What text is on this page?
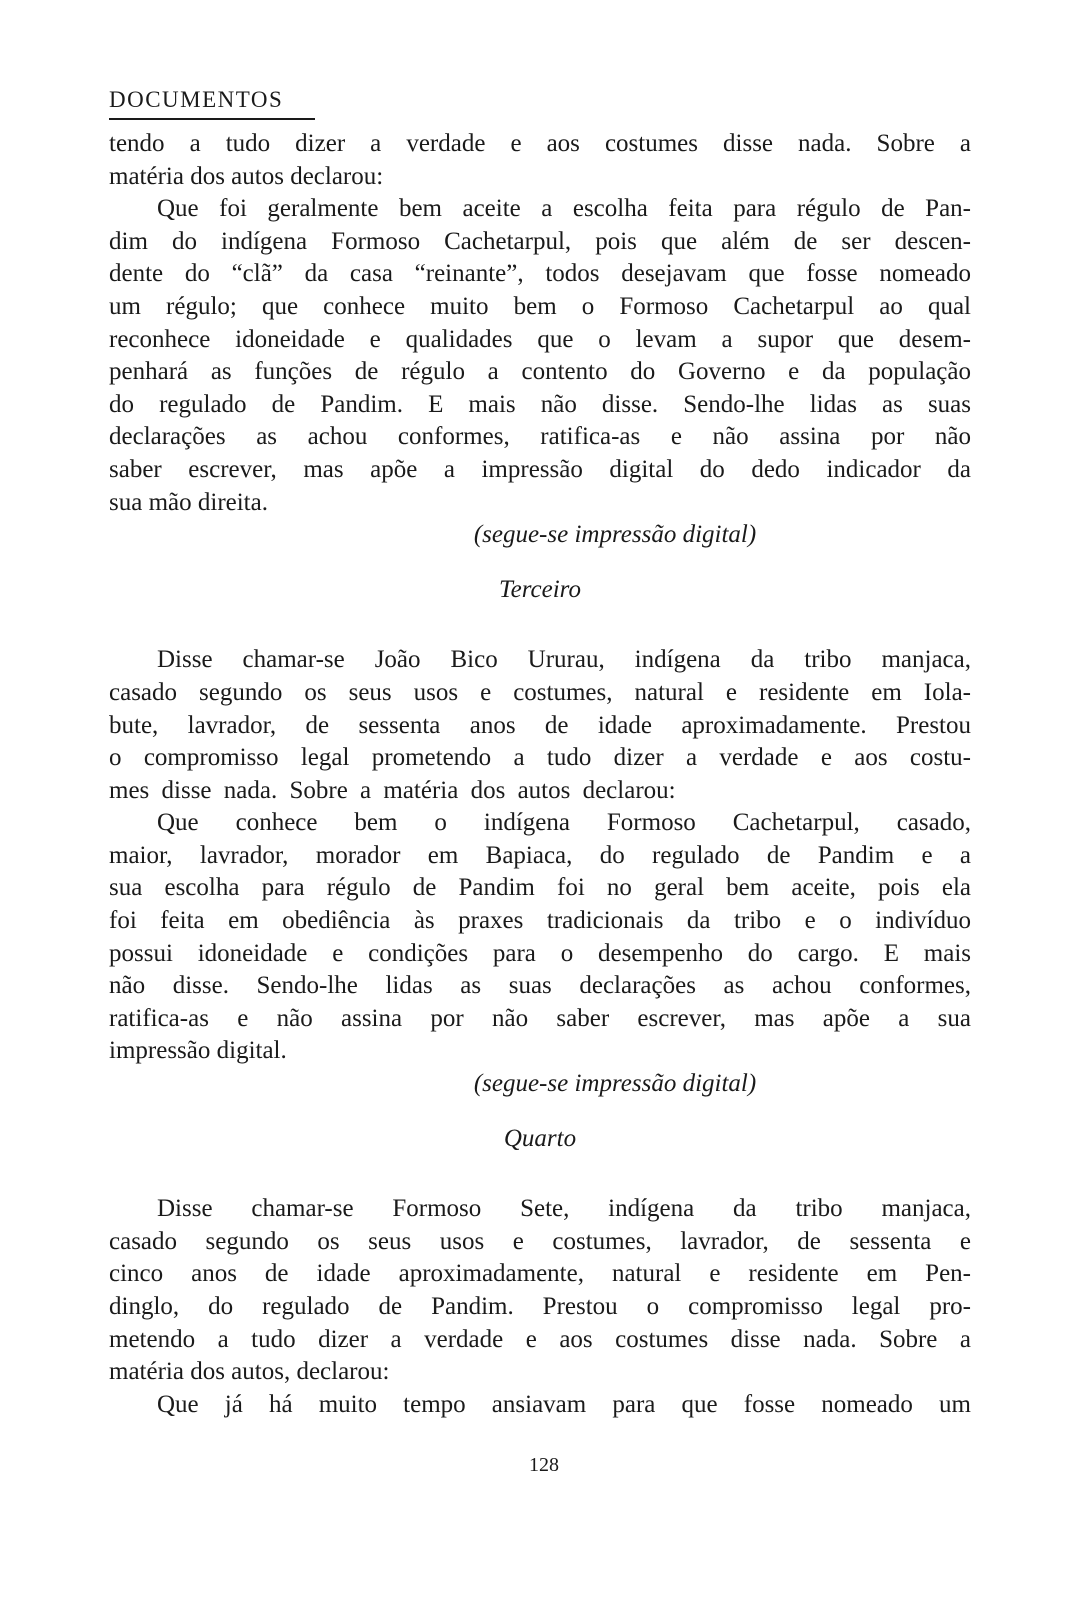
DOCUMENTOS
tendo a tudo dizer a verdade e aos costumes disse nada. Sobre a
matéria dos autos declarou:
Que foi geralmente bem aceite a escolha feita para régulo de Pan-
dim do indígena Formoso Cachetarpul, pois que além de ser descen-
dente do “clã” da casa “reinante”, todos desejavam que fosse nomeado
um régulo; que conhece muito bem o Formoso Cachetarpul ao qual
reconhece idoneidade e qualidades que o levam a supor que desem-
penhará as funções de régulo a contento do Governo e da população
do regulado de Pandim. E mais não disse. Sendo-lhe lidas as suas
declarações as achou conformes, ratifica-as e não assina por não
saber escrever, mas apõe a impressão digital do dedo indicador da
sua mão direita.
(segue-se impressão digital)
Terceiro
Disse chamar-se João Bico Ururau, indígena da tribo manjaca,
casado segundo os seus usos e costumes, natural e residente em Iola-
bute, lavrador, de sessenta anos de idade aproximadamente. Prestou
o compromisso legal prometendo a tudo dizer a verdade e aos costu-
mes disse nada. Sobre a matéria dos autos declarou:
Que conhece bem o indígena Formoso Cachetarpul, casado,
maior, lavrador, morador em Bapiaca, do regulado de Pandim e a
sua escolha para régulo de Pandim foi no geral bem aceite, pois ela
foi feita em obediência às praxes tradicionais da tribo e o indivíduo
possui idoneidade e condições para o desempenho do cargo. E mais
não disse. Sendo-lhe lidas as suas declarações as achou conformes,
ratifica-as e não assina por não saber escrever, mas apõe a sua
impressão digital.
(segue-se impressão digital)
Quarto
Disse chamar-se Formoso Sete, indígena da tribo manjaca,
casado segundo os seus usos e costumes, lavrador, de sessenta e
cinco anos de idade aproximadamente, natural e residente em Pen-
dinglo, do regulado de Pandim. Prestou o compromisso legal pro-
metendo a tudo dizer a verdade e aos costumes disse nada. Sobre a
matéria dos autos, declarou:
Que já há muito tempo ansiavam para que fosse nomeado um
128
